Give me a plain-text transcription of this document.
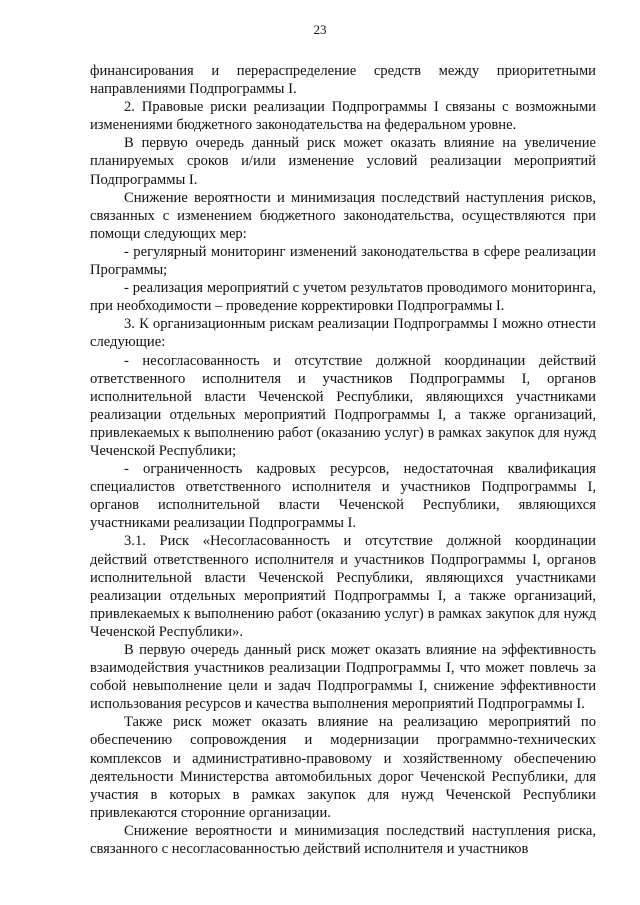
23

финансирования и перераспределение средств между приоритетными направлениями Подпрограммы I.

2. Правовые риски реализации Подпрограммы I связаны с возможными изменениями бюджетного законодательства на федеральном уровне.

В первую очередь данный риск может оказать влияние на увеличение планируемых сроков и/или изменение условий реализации мероприятий Подпрограммы I.

Снижение вероятности и минимизация последствий наступления рисков, связанных с изменением бюджетного законодательства, осуществляются при помощи следующих мер:

- регулярный мониторинг изменений законодательства в сфере реализации Программы;

- реализация мероприятий с учетом результатов проводимого мониторинга, при необходимости – проведение корректировки Подпрограммы I.

3. К организационным рискам реализации Подпрограммы I можно отнести следующие:

- несогласованность и отсутствие должной координации действий ответственного исполнителя и участников Подпрограммы I, органов исполнительной власти Чеченской Республики, являющихся участниками реализации отдельных мероприятий Подпрограммы I, а также организаций, привлекаемых к выполнению работ (оказанию услуг) в рамках закупок для нужд Чеченской Республики;

- ограниченность кадровых ресурсов, недостаточная квалификация специалистов ответственного исполнителя и участников Подпрограммы I, органов исполнительной власти Чеченской Республики, являющихся участниками реализации Подпрограммы I.

3.1. Риск «Несогласованность и отсутствие должной координации действий ответственного исполнителя и участников Подпрограммы I, органов исполнительной власти Чеченской Республики, являющихся участниками реализации отдельных мероприятий Подпрограммы I, а также организаций, привлекаемых к выполнению работ (оказанию услуг) в рамках закупок для нужд Чеченской Республики».

В первую очередь данный риск может оказать влияние на эффективность взаимодействия участников реализации Подпрограммы I, что может повлечь за собой невыполнение цели и задач Подпрограммы I, снижение эффективности использования ресурсов и качества выполнения мероприятий Подпрограммы I.

Также риск может оказать влияние на реализацию мероприятий по обеспечению сопровождения и модернизации программно-технических комплексов и административно-правовому и хозяйственному обеспечению деятельности Министерства автомобильных дорог Чеченской Республики, для участия в которых в рамках закупок для нужд Чеченской Республики привлекаются сторонние организации.

Снижение вероятности и минимизация последствий наступления риска, связанного с несогласованностью действий исполнителя и участников
